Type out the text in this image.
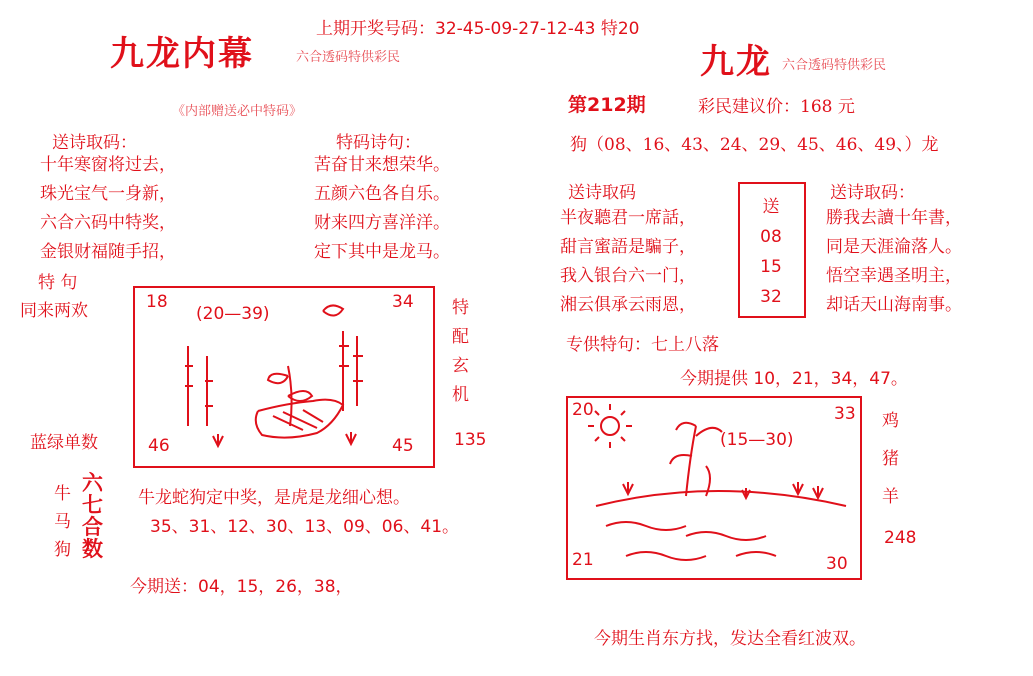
上期开奖号码：32-45-09-27-12-43 特20
九龙内幕	六合透码特供彩民
《内部赠送必中特码》
送诗取码：
十年寒窗将过去，
珠光宝气一身新，
六合六码中特奖，
金银财福随手招，
特码诗句：
苦奋甘来想荣华。
五颜六色各自乐。
财来四方喜洋洋。
定下其中是龙马。
特 句
同来两欢
蓝绿单数
18	34
46	45
(20—39)	特
配
玄
机
135
牛
马
狗
六
七
合
数
牛龙蛇狗定中奖，是虎是龙细心想。
35、31、12、30、13、09、06、41。
今期送：04，15，26，38，
九龙 六合透码特供彩民
第212期	彩民建议价：168 元
狗（08、16、43、24、29、45、46、49、）龙
送诗取码
半夜聽君一席話，
甜言蜜語是騙子，
我入银台六一门，
湘云俱承云雨恩，
送
08
15
32
送诗取码：
勝我去讀十年書，
同是天涯淪落人。
悟空幸遇圣明主，
却话天山海南事。
专供特句：七上八落
今期提供 10，21，34，47。
20	33
21	30
(15—30)
鸡
猪
羊
248
今期生肖东方找，发达全看红波双。
